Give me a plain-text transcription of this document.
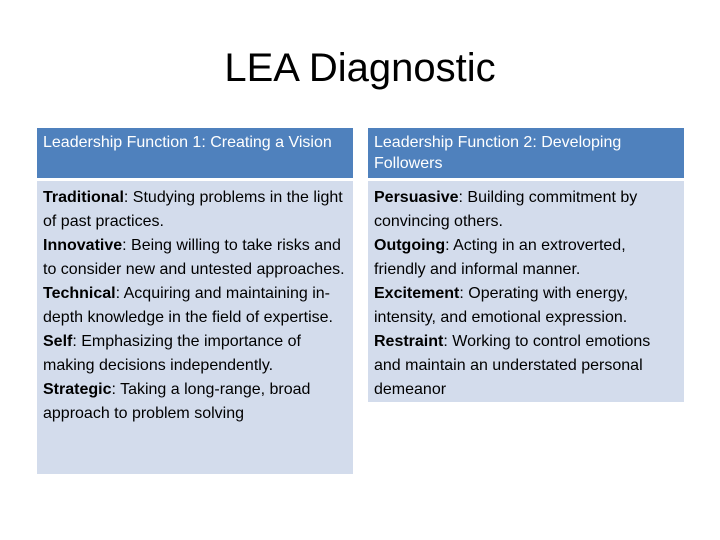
LEA Diagnostic
Leadership Function 1: Creating a Vision
Traditional: Studying problems in the light of past practices.
Innovative: Being willing to take risks and to consider new and untested approaches.
Technical: Acquiring and maintaining in-depth knowledge in the field of expertise.
Self: Emphasizing the importance of making decisions independently.
Strategic: Taking a long-range, broad approach to problem solving
Leadership Function 2: Developing Followers
Persuasive: Building commitment by convincing others.
Outgoing: Acting in an extroverted, friendly and informal manner.
Excitement: Operating with energy, intensity, and emotional expression.
Restraint: Working to control emotions and maintain an understated personal demeanor
